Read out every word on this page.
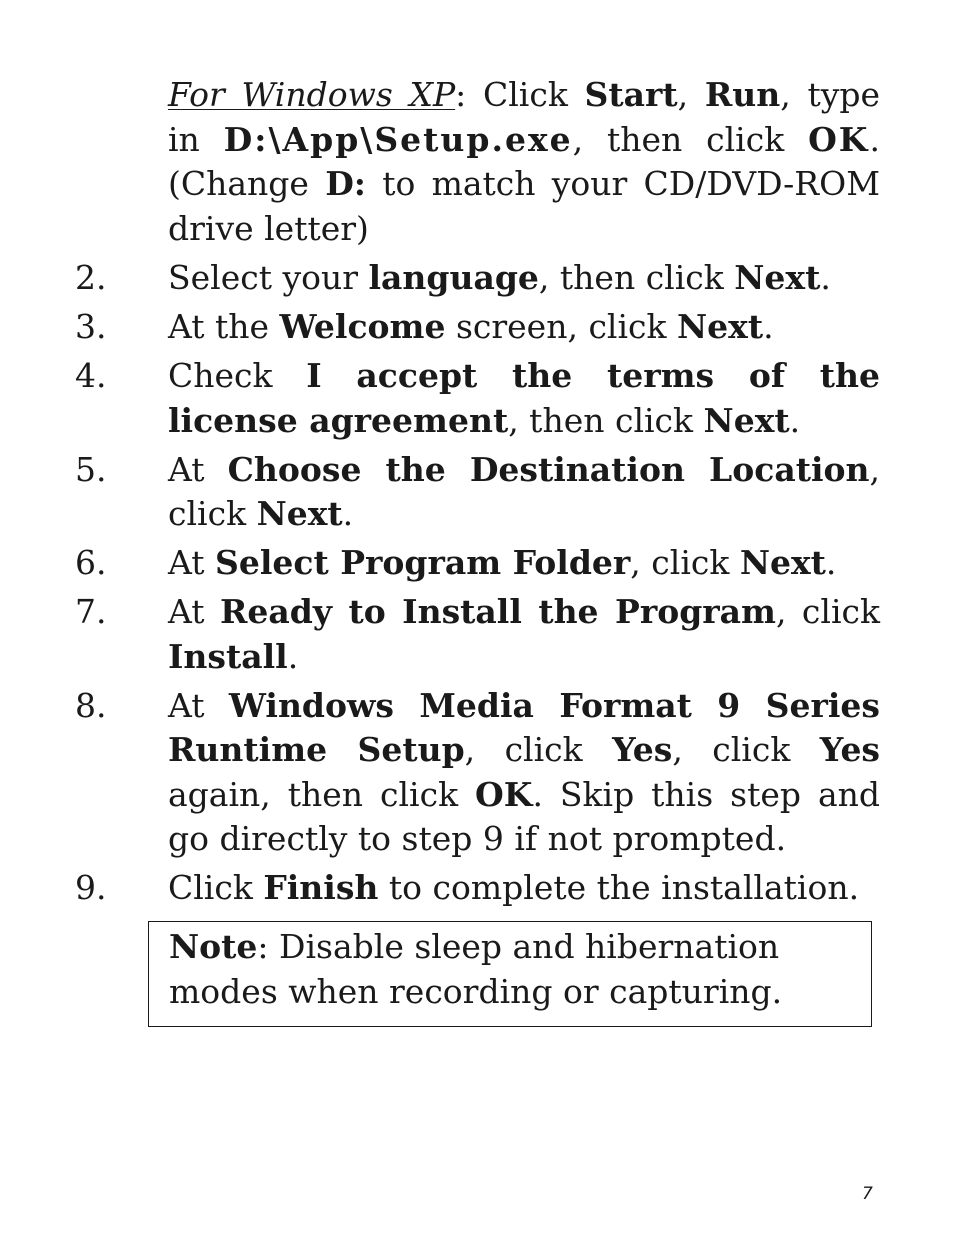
For Windows XP: Click Start, Run, type in D:\App\Setup.exe, then click OK. (Change D: to match your CD/DVD-ROM drive letter)

2. Select your language, then click Next.
3. At the Welcome screen, click Next.
4. Check I accept the terms of the license agreement, then click Next.
5. At Choose the Destination Location, click Next.
6. At Select Program Folder, click Next.
7. At Ready to Install the Program, click Install.
8. At Windows Media Format 9 Series Runtime Setup, click Yes, click Yes again, then click OK. Skip this step and go directly to step 9 if not prompted.
9. Click Finish to complete the installation.
Note: Disable sleep and hibernation modes when recording or capturing.
7
